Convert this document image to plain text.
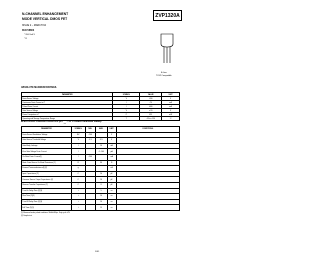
N-CHANNEL ENHANCEMENT
MODE VERTICAL DMOS FET
ISSUE 2 – MARCH 94
FEATURES
* 200 Volt V
* R
ZVP1320A
E-Line
TO92 Compatible
ABSOLUTE MAXIMUM RATINGS.
PARAMETER	SYMBOL	VALUE	UNIT
Drain-Source Voltage	V	-200	V
Continuous Drain Current at T	I	-70	mA
Pulsed Drain Current	I	-600	mA
Gate Source Voltage	V	± 20	V
Power Dissipation at T	P	625	mW
Operating and Storage Temperature Range	T	-55 to +150	°C
ELECTRICAL CHARACTERISTICS (at $T_{amb} = 25^\circ C$ unless otherwise stated).
PARAMETER	SYMBOL	MIN.	MAX.	UNIT	CONDITIONS.
Drain-Source Breakdown Voltage	BV	-200		V	
Gate-Source Threshold Voltage	V	-1.5	-3.5	V	
Gate-Body Leakage	I		20	nA	
Zero Gate Voltage Drain Current	I		-1 -100	μA	
On-State Drain Current(1)	I	-200		mA	
Static Drain-Source On-State Resistance (1)	R		80	Ω	
Forward Transconductance(1)(2)	g			mS	
Input Capacitance (2)	C		50	pF	
Common Source Output Capacitance (2)	C		20	pF	
Reverse Transfer Capacitance (2)	C		8	pF	
Turn-On Delay Time (2)(3)	t		5	ns	
Rise Time (2)(3)	t		10	ns	
Turn-Off Delay Time (2)(3)	t		10	ns	
Fall Time (2)(3)	t		15	ns	
(1) Measured under pulsed conditions. Width=300μs. Duty cycle ≤2%
(2) Sample test.
3-349
